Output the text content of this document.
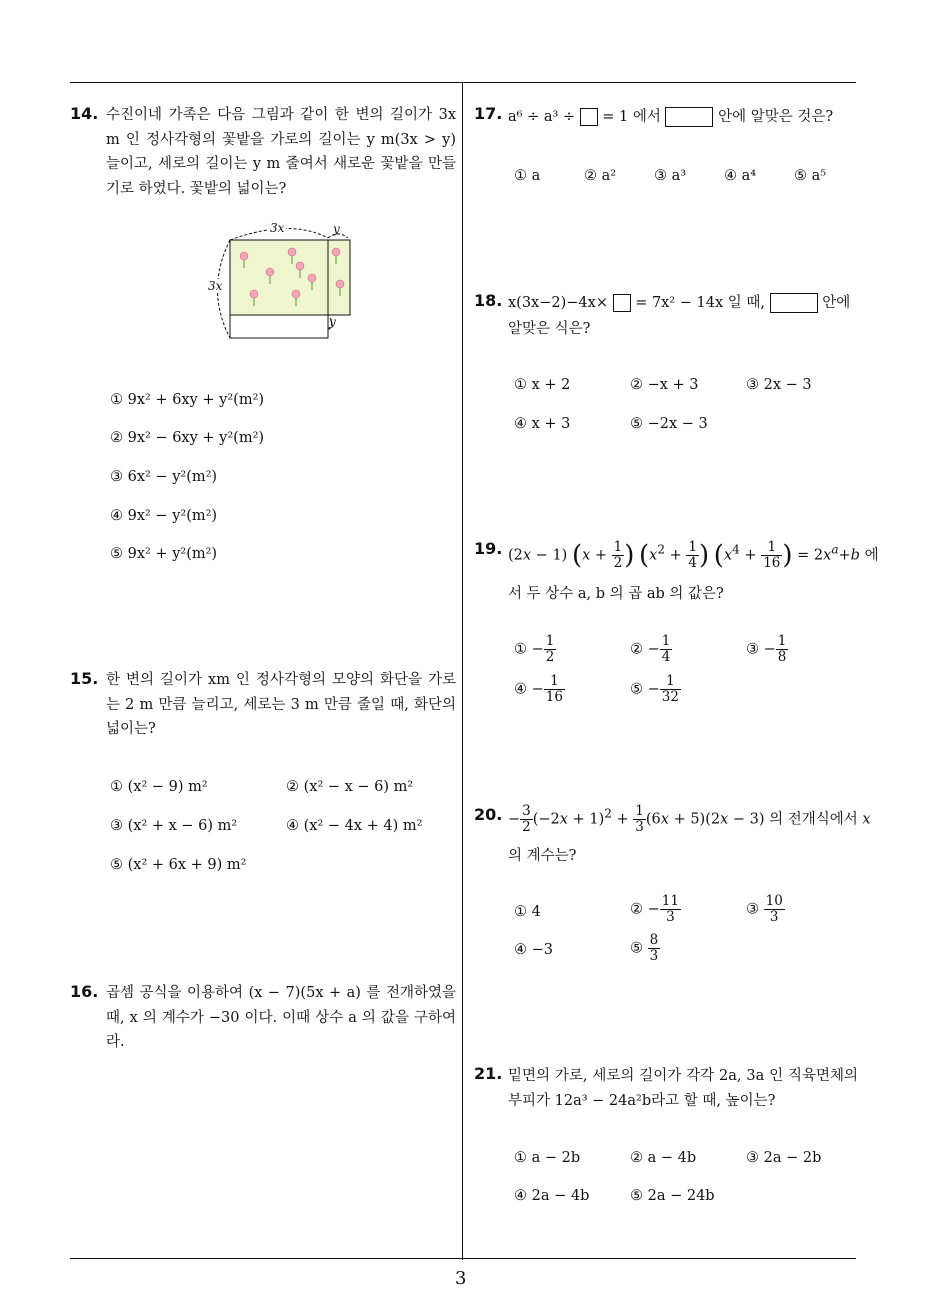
14. 수진이네 가족은 다음 그림과 같이 한 변의 길이가 3x m 인 정사각형의 꽃밭을 가로의 길이는 y m(3x > y) 늘이고, 세로의 길이는 y m 줄여서 새로운 꽃밭을 만들기로 하였다. 꽃밭의 넓이는?
3x	y
3x
y
① 9x² + 6xy + y²(m²)
② 9x² − 6xy + y²(m²)
③ 6x² − y²(m²)
④ 9x² − y²(m²)
⑤ 9x² + y²(m²)
15. 한 변의 길이가 xm 인 정사각형의 모양의 화단을 가로는 2 m 만큼 늘리고, 세로는 3 m 만큼 줄일 때, 화단의 넓이는?
① (x² − 9) m²	② (x² − x − 6) m²
③ (x² + x − 6) m²	④ (x² − 4x + 4) m²
⑤ (x² + 6x + 9) m²
16. 곱셈 공식을 이용하여 (x − 7)(5x + a) 를 전개하였을 때, x 의 계수가 −30 이다. 이때 상수 a 의 값을 구하여라.
17. a⁶ ÷ a³ ÷ = 1 에서	안에 알맞은 것은?
① a	② a²	③ a³	④ a⁴	⑤ a⁵
18. x(3x−2)−4x× = 7x² − 14x 일 때,	안에
알맞은 식은?
① x + 2	② −x + 3	③ 2x − 3
④ x + 3	⑤ −2x − 3
19. (2x − 1) ($x + \frac{1}{2}$ ) ($x^2 + \frac{1}{4}$ ) ($x^4 + \frac{1}{16}$ ) = $2x^a+b$ 에
서 두 상수 a, b 의 곱 ab 의 값은?
① − $\frac{1}{2}$	② − $\frac{1}{4}$	③ − $\frac{1}{8}$
④ − $\frac{1}{16}$	⑤ − $\frac{1}{32}$
20. − $\frac{3}{2} (-2x + 1)^2 + \frac{1}{3} (6x + 5)(2x - 3)$ 의 전개식에서 x
의 계수는?
① 4	② − $\frac{11}{3}$	③ $\frac{10}{3}$
④ −3	⑤ $\frac{8}{3}$
21. 밑면의 가로, 세로의 길이가 각각 2a, 3a 인 직육면체의 부피가 12a³ − 24a²b라고 할 때, 높이는?
① a − 2b	② a − 4b	③ 2a − 2b
④ 2a − 4b	⑤ 2a − 24b
3
